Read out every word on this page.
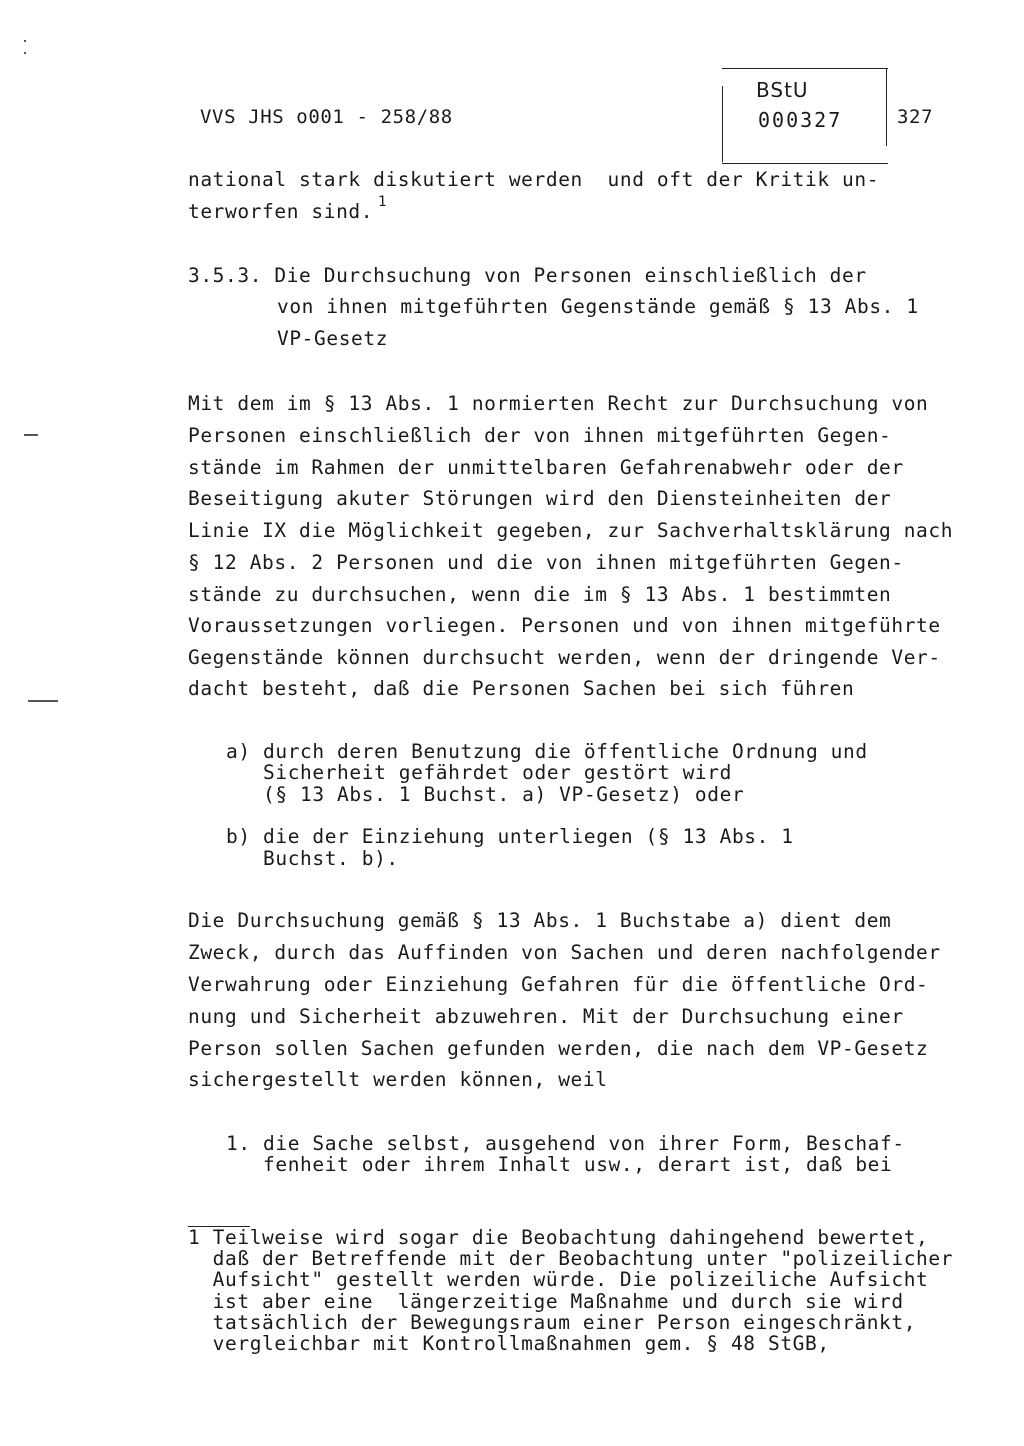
VVS JHS o001 - 258/88
BStU
000327	327
national stark diskutiert werden  und oft der Kritik un-
terworfen sind. 1
3.5.3. Die Durchsuchung von Personen einschließlich der
von ihnen mitgeführten Gegenstände gemäß § 13 Abs. 1
VP-Gesetz
Mit dem im § 13 Abs. 1 normierten Recht zur Durchsuchung von
Personen einschließlich der von ihnen mitgeführten Gegen-
stände im Rahmen der unmittelbaren Gefahrenabwehr oder der
Beseitigung akuter Störungen wird den Diensteinheiten der
Linie IX die Möglichkeit gegeben, zur Sachverhaltsklärung nach
§ 12 Abs. 2 Personen und die von ihnen mitgeführten Gegen-
stände zu durchsuchen, wenn die im § 13 Abs. 1 bestimmten
Voraussetzungen vorliegen. Personen und von ihnen mitgeführte
Gegenstände können durchsucht werden, wenn der dringende Ver-
dacht besteht, daß die Personen Sachen bei sich führen
a) durch deren Benutzung die öffentliche Ordnung und
Sicherheit gefährdet oder gestört wird
(§ 13 Abs. 1 Buchst. a) VP-Gesetz) oder
b) die der Einziehung unterliegen (§ 13 Abs. 1
Buchst. b).
Die Durchsuchung gemäß § 13 Abs. 1 Buchstabe a) dient dem
Zweck, durch das Auffinden von Sachen und deren nachfolgender
Verwahrung oder Einziehung Gefahren für die öffentliche Ord-
nung und Sicherheit abzuwehren. Mit der Durchsuchung einer
Person sollen Sachen gefunden werden, die nach dem VP-Gesetz
sichergestellt werden können, weil
1. die Sache selbst, ausgehend von ihrer Form, Beschaf-
fenheit oder ihrem Inhalt usw., derart ist, daß bei
1 Teilweise wird sogar die Beobachtung dahingehend bewertet,
daß der Betreffende mit der Beobachtung unter "polizeilicher
Aufsicht" gestellt werden würde. Die polizeiliche Aufsicht
ist aber eine  längerzeitige Maßnahme und durch sie wird
tatsächlich der Bewegungsraum einer Person eingeschränkt,
vergleichbar mit Kontrollmaßnahmen gem. § 48 StGB,
